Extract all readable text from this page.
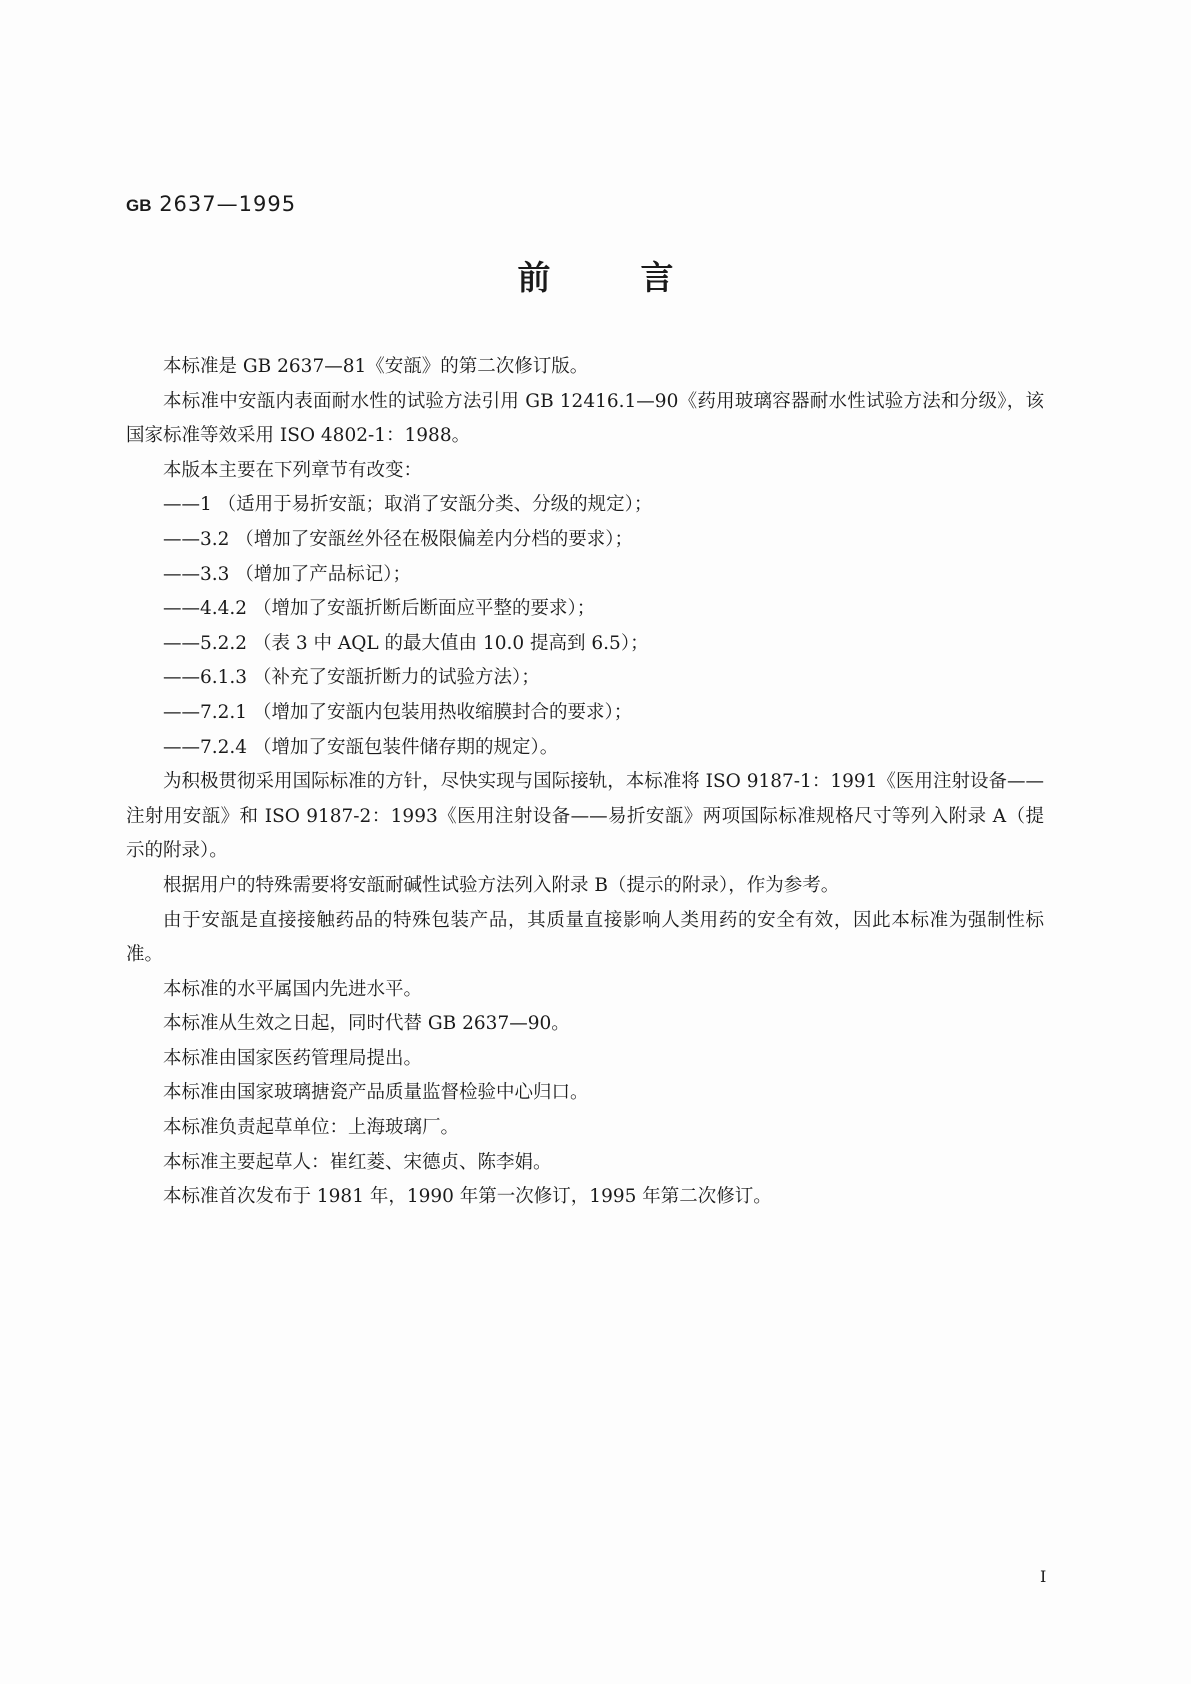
GB 2637—1995
前言

本标准是 GB 2637—81《安瓿》的第二次修订版。

本标准中安瓿内表面耐水性的试验方法引用 GB 12416.1—90《药用玻璃容器耐水性试验方法和分级》，该国家标准等效采用 ISO 4802-1：1988。

本版本主要在下列章节有改变：

——1 （适用于易折安瓿；取消了安瓿分类、分级的规定）；

——3.2 （增加了安瓿丝外径在极限偏差内分档的要求）；

——3.3 （增加了产品标记）；

——4.4.2 （增加了安瓿折断后断面应平整的要求）；

——5.2.2 （表 3 中 AQL 的最大值由 10.0 提高到 6.5）；

——6.1.3 （补充了安瓿折断力的试验方法）；

——7.2.1 （增加了安瓿内包装用热收缩膜封合的要求）；

——7.2.4 （增加了安瓿包装件储存期的规定）。

为积极贯彻采用国际标准的方针，尽快实现与国际接轨，本标准将 ISO 9187-1：1991《医用注射设备——注射用安瓿》和 ISO 9187-2：1993《医用注射设备——易折安瓿》两项国际标准规格尺寸等列入附录 A（提示的附录）。

根据用户的特殊需要将安瓿耐碱性试验方法列入附录 B（提示的附录），作为参考。

由于安瓿是直接接触药品的特殊包装产品，其质量直接影响人类用药的安全有效，因此本标准为强制性标准。

本标准的水平属国内先进水平。

本标准从生效之日起，同时代替 GB 2637—90。

本标准由国家医药管理局提出。

本标准由国家玻璃搪瓷产品质量监督检验中心归口。

本标准负责起草单位：上海玻璃厂。

本标准主要起草人：崔红菱、宋德贞、陈李娟。

本标准首次发布于 1981 年，1990 年第一次修订，1995 年第二次修订。

I
